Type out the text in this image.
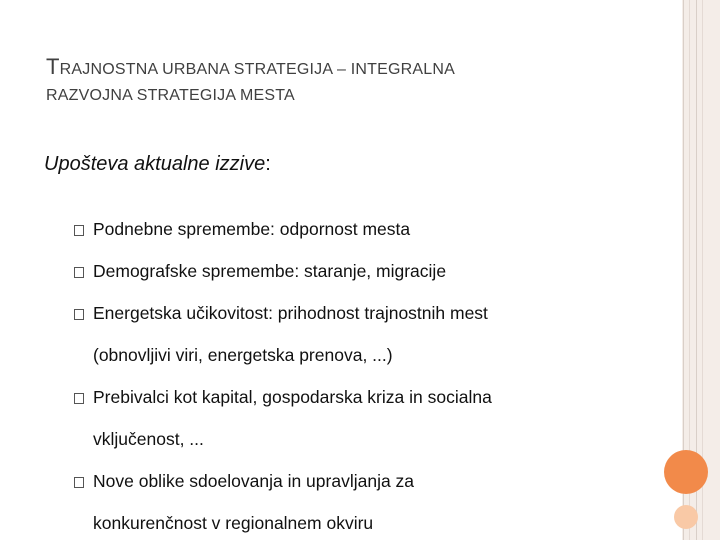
TRAJNOSTNA URBANA STRATEGIJA – INTEGRALNA
RAZVOJNA STRATEGIJA MESTA
Upošteva aktualne izzive:
Podnebne spremembe: odpornost mesta
Demografske spremembe: staranje, migracije
Energetska učikovitost: prihodnost trajnostnih mest
(obnovljivi viri, energetska prenova, ...)
Prebivalci kot kapital, gospodarska kriza in socialna
vključenost, ...
Nove oblike sdoelovanja in upravljanja za
konkurenčnost v regionalnem okviru
